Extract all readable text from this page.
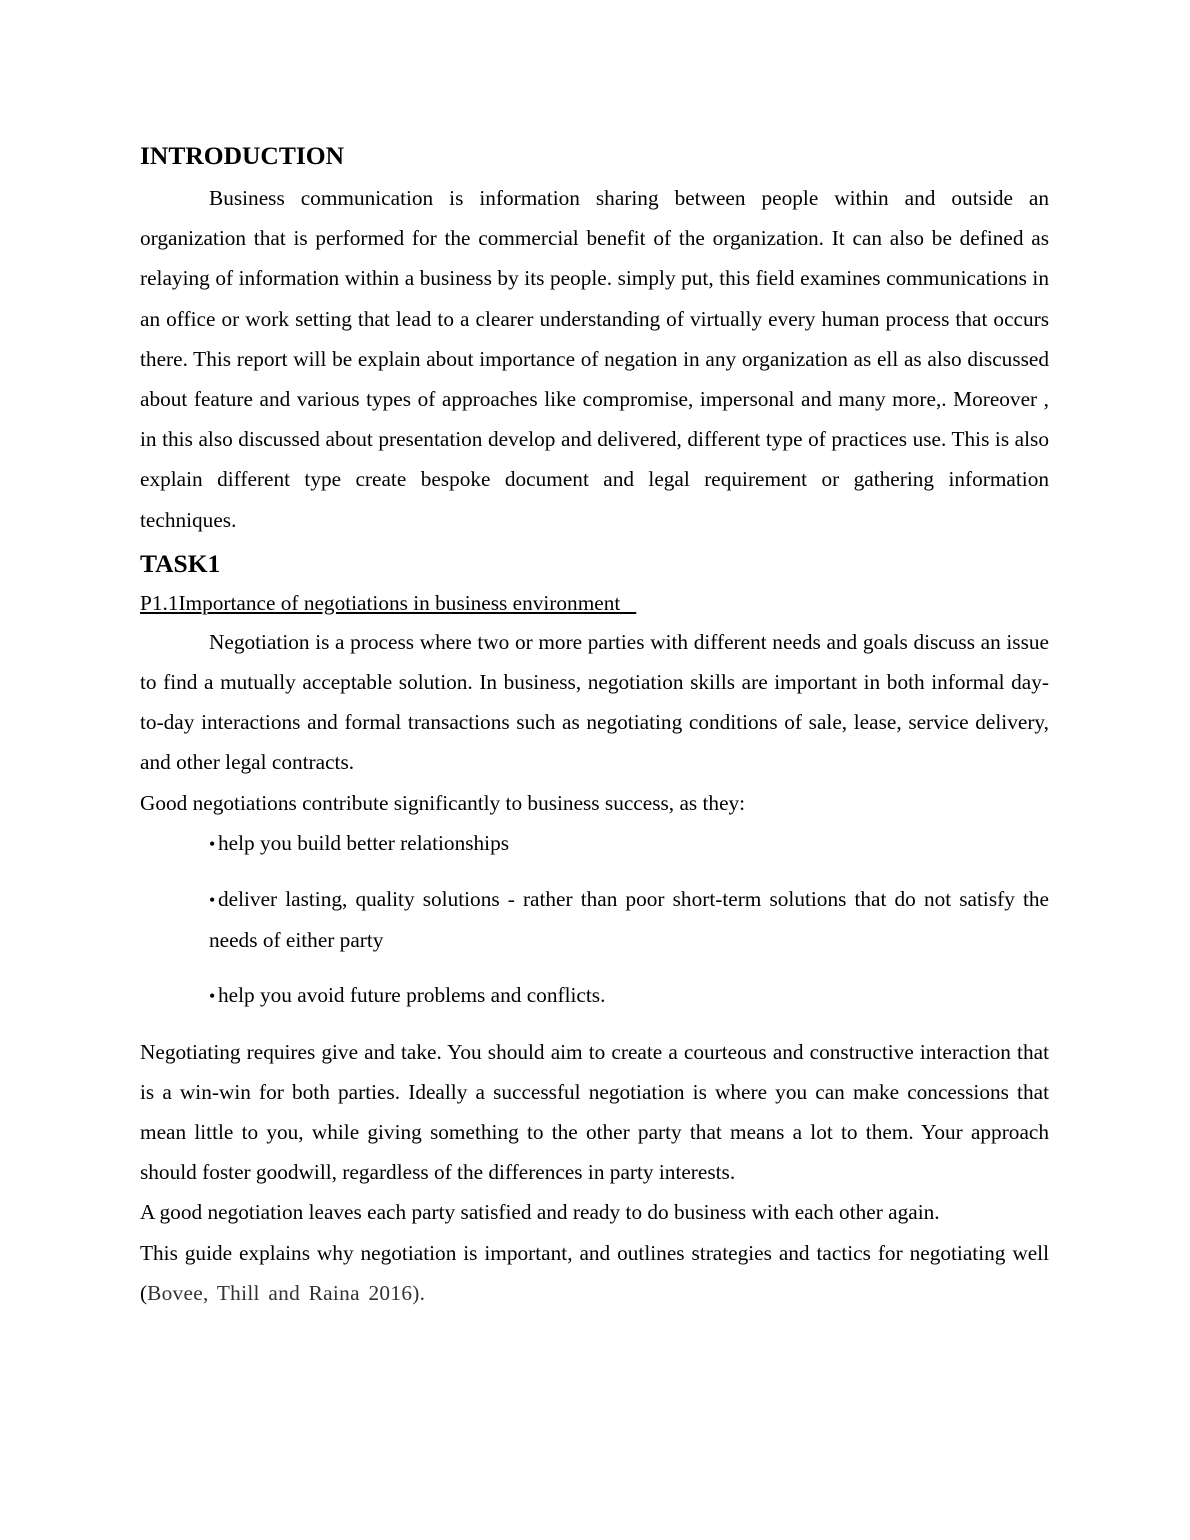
INTRODUCTION

Business communication is information sharing between people within and outside an organization that is performed for the commercial benefit of the organization. It can also be defined as relaying of information within a business by its people. simply put, this field examines communications in an office or work setting that lead to a clearer understanding of virtually every human process that occurs there. This report will be explain about importance of negation in any organization as ell as also discussed about feature and various types of approaches like compromise, impersonal and many more,. Moreover , in this also discussed about presentation develop and delivered, different type of practices use. This is also explain different type create bespoke document and legal requirement or gathering information techniques.

TASK1

P1.1Importance of negotiations in business environment

Negotiation is a process where two or more parties with different needs and goals discuss an issue to find a mutually acceptable solution. In business, negotiation skills are important in both informal day-to-day interactions and formal transactions such as negotiating conditions of sale, lease, service delivery, and other legal contracts.

Good negotiations contribute significantly to business success, as they:

• help you build better relationships
• deliver lasting, quality solutions - rather than poor short-term solutions that do not satisfy the needs of either party
• help you avoid future problems and conflicts.

Negotiating requires give and take. You should aim to create a courteous and constructive interaction that is a win-win for both parties. Ideally a successful negotiation is where you can make concessions that mean little to you, while giving something to the other party that means a lot to them. Your approach should foster goodwill, regardless of the differences in party interests.

A good negotiation leaves each party satisfied and ready to do business with each other again.

This guide explains why negotiation is important, and outlines strategies and tactics for negotiating well (Bovee, Thill and Raina 2016).
